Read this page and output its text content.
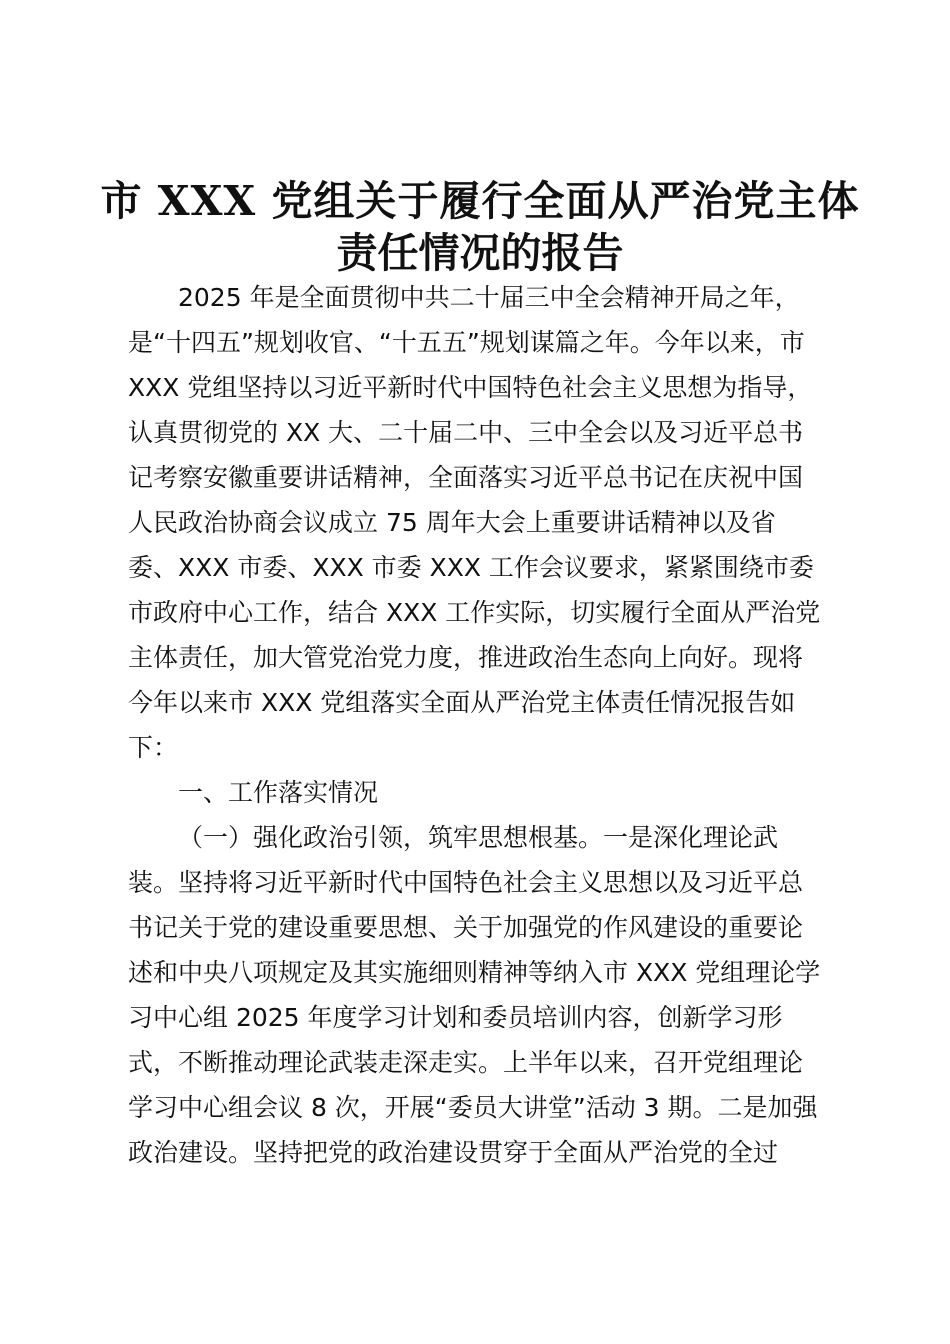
市 XXX 党组关于履行全面从严治党主体
责任情况的报告
2025 年是全面贯彻中共二十届三中全会精神开局之年，
是“十四五”规划收官、“十五五”规划谋篇之年。今年以来，市
XXX 党组坚持以习近平新时代中国特色社会主义思想为指导，
认真贯彻党的 XX 大、二十届二中、三中全会以及习近平总书
记考察安徽重要讲话精神，全面落实习近平总书记在庆祝中国
人民政治协商会议成立 75 周年大会上重要讲话精神以及省
委、XXX 市委、XXX 市委 XXX 工作会议要求，紧紧围绕市委
市政府中心工作，结合 XXX 工作实际，切实履行全面从严治党
主体责任，加大管党治党力度，推进政治生态向上向好。现将
今年以来市 XXX 党组落实全面从严治党主体责任情况报告如
下：
一、工作落实情况
（一）强化政治引领，筑牢思想根基。一是深化理论武
装。坚持将习近平新时代中国特色社会主义思想以及习近平总
书记关于党的建设重要思想、关于加强党的作风建设的重要论
述和中央八项规定及其实施细则精神等纳入市 XXX 党组理论学
习中心组 2025 年度学习计划和委员培训内容，创新学习形
式，不断推动理论武装走深走实。上半年以来，召开党组理论
学习中心组会议 8 次，开展“委员大讲堂”活动 3 期。二是加强
政治建设。坚持把党的政治建设贯穿于全面从严治党的全过
